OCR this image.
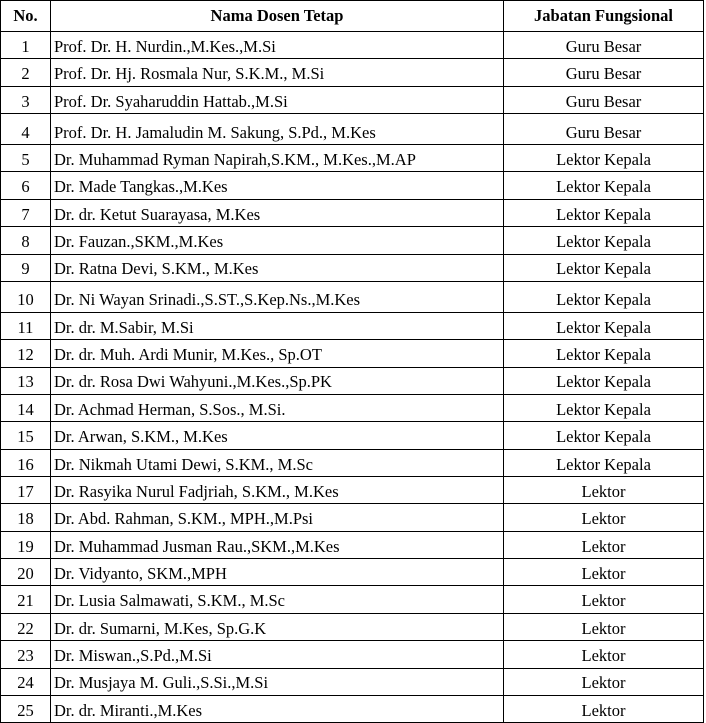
No.	Nama Dosen Tetap	Jabatan Fungsional
1	Prof. Dr. H. Nurdin.,M.Kes.,M.Si	Guru Besar
2	Prof. Dr. Hj. Rosmala Nur, S.K.M., M.Si	Guru Besar
3	Prof. Dr. Syaharuddin Hattab.,M.Si	Guru Besar
4	Prof. Dr. H. Jamaludin M. Sakung, S.Pd., M.Kes	Guru Besar
5	Dr. Muhammad Ryman Napirah,S.KM., M.Kes.,M.AP	Lektor Kepala
6	Dr. Made Tangkas.,M.Kes	Lektor Kepala
7	Dr. dr. Ketut Suarayasa, M.Kes	Lektor Kepala
8	Dr. Fauzan.,SKM.,M.Kes	Lektor Kepala
9	Dr. Ratna Devi, S.KM., M.Kes	Lektor Kepala
10	Dr. Ni Wayan Srinadi.,S.ST.,S.Kep.Ns.,M.Kes	Lektor Kepala
11	Dr. dr. M.Sabir, M.Si	Lektor Kepala
12	Dr. dr. Muh. Ardi Munir, M.Kes., Sp.OT	Lektor Kepala
13	Dr. dr. Rosa Dwi Wahyuni.,M.Kes.,Sp.PK	Lektor Kepala
14	Dr. Achmad Herman, S.Sos., M.Si.	Lektor Kepala
15	Dr. Arwan, S.KM., M.Kes	Lektor Kepala
16	Dr. Nikmah Utami Dewi, S.KM., M.Sc	Lektor Kepala
17	Dr. Rasyika Nurul Fadjriah, S.KM., M.Kes	Lektor
18	Dr. Abd. Rahman, S.KM., MPH.,M.Psi	Lektor
19	Dr. Muhammad Jusman Rau.,SKM.,M.Kes	Lektor
20	Dr. Vidyanto, SKM.,MPH	Lektor
21	Dr. Lusia Salmawati, S.KM., M.Sc	Lektor
22	Dr. dr. Sumarni, M.Kes, Sp.G.K	Lektor
23	Dr. Miswan.,S.Pd.,M.Si	Lektor
24	Dr. Musjaya M. Guli.,S.Si.,M.Si	Lektor
25	Dr. dr. Miranti.,M.Kes	Lektor
